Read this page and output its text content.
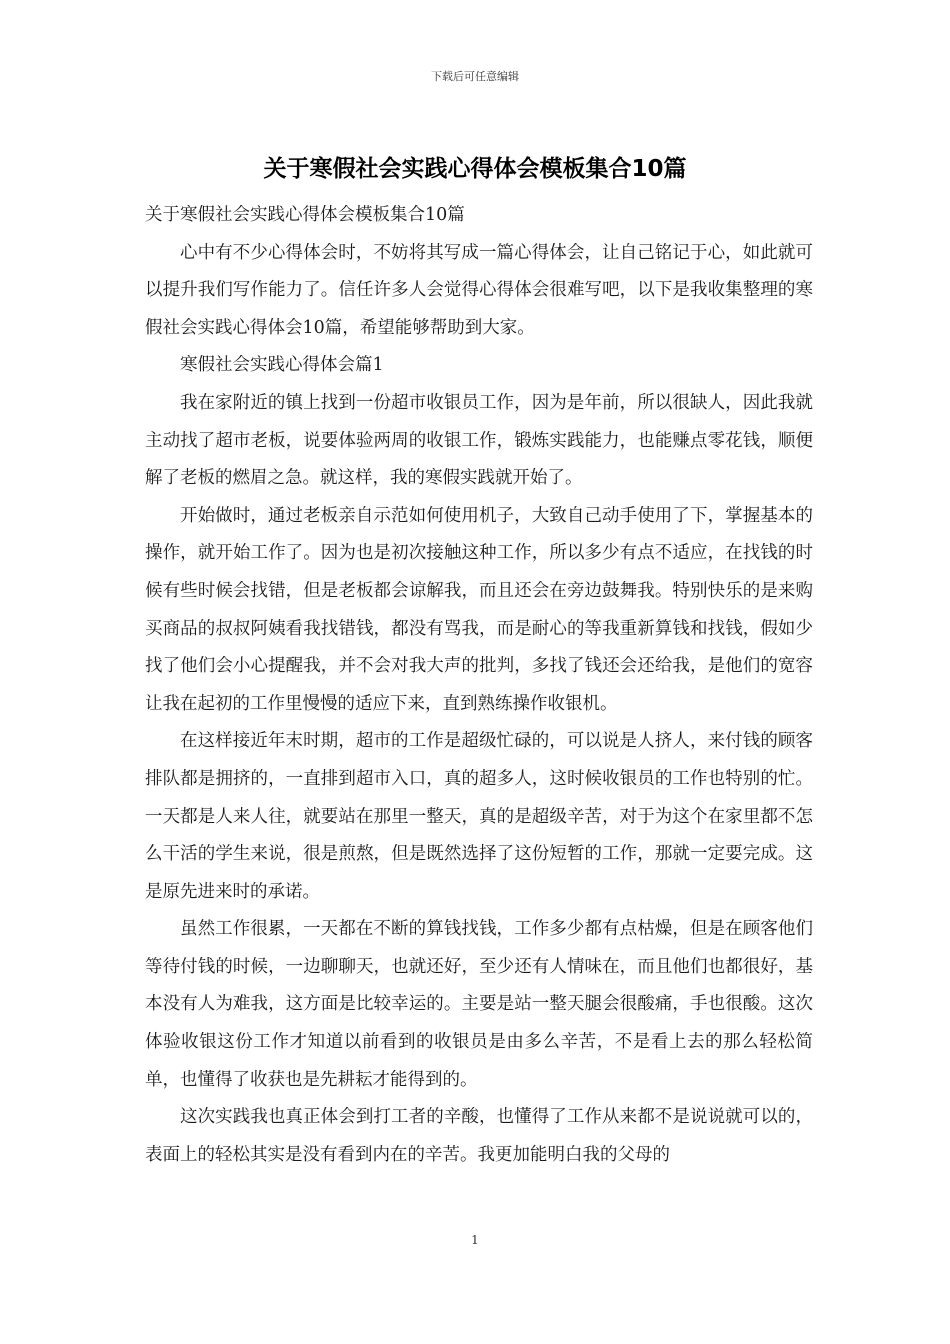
下载后可任意编辑
关于寒假社会实践心得体会模板集合10篇

关于寒假社会实践心得体会模板集合10篇

心中有不少心得体会时，不妨将其写成一篇心得体会，让自己铭记于心，如此就可以提升我们写作能力了。信任许多人会觉得心得体会很难写吧，以下是我收集整理的寒假社会实践心得体会10篇，希望能够帮助到大家。

寒假社会实践心得体会篇1

我在家附近的镇上找到一份超市收银员工作，因为是年前，所以很缺人，因此我就主动找了超市老板，说要体验两周的收银工作，锻炼实践能力，也能赚点零花钱，顺便解了老板的燃眉之急。就这样，我的寒假实践就开始了。

开始做时，通过老板亲自示范如何使用机子，大致自己动手使用了下，掌握基本的操作，就开始工作了。因为也是初次接触这种工作，所以多少有点不适应，在找钱的时候有些时候会找错，但是老板都会谅解我，而且还会在旁边鼓舞我。特别快乐的是来购买商品的叔叔阿姨看我找错钱，都没有骂我，而是耐心的等我重新算钱和找钱，假如少找了他们会小心提醒我，并不会对我大声的批判，多找了钱还会还给我，是他们的宽容让我在起初的工作里慢慢的适应下来，直到熟练操作收银机。

在这样接近年末时期，超市的工作是超级忙碌的，可以说是人挤人，来付钱的顾客排队都是拥挤的，一直排到超市入口，真的超多人，这时候收银员的工作也特别的忙。一天都是人来人往，就要站在那里一整天，真的是超级辛苦，对于为这个在家里都不怎么干活的学生来说，很是煎熬，但是既然选择了这份短暂的工作，那就一定要完成。这是原先进来时的承诺。

虽然工作很累，一天都在不断的算钱找钱，工作多少都有点枯燥，但是在顾客他们等待付钱的时候，一边聊聊天，也就还好，至少还有人情味在，而且他们也都很好，基本没有人为难我，这方面是比较幸运的。主要是站一整天腿会很酸痛，手也很酸。这次体验收银这份工作才知道以前看到的收银员是由多么辛苦，不是看上去的那么轻松简单，也懂得了收获也是先耕耘才能得到的。

这次实践我也真正体会到打工者的辛酸，也懂得了工作从来都不是说说就可以的，表面上的轻松其实是没有看到内在的辛苦。我更加能明白我的父母的

1
